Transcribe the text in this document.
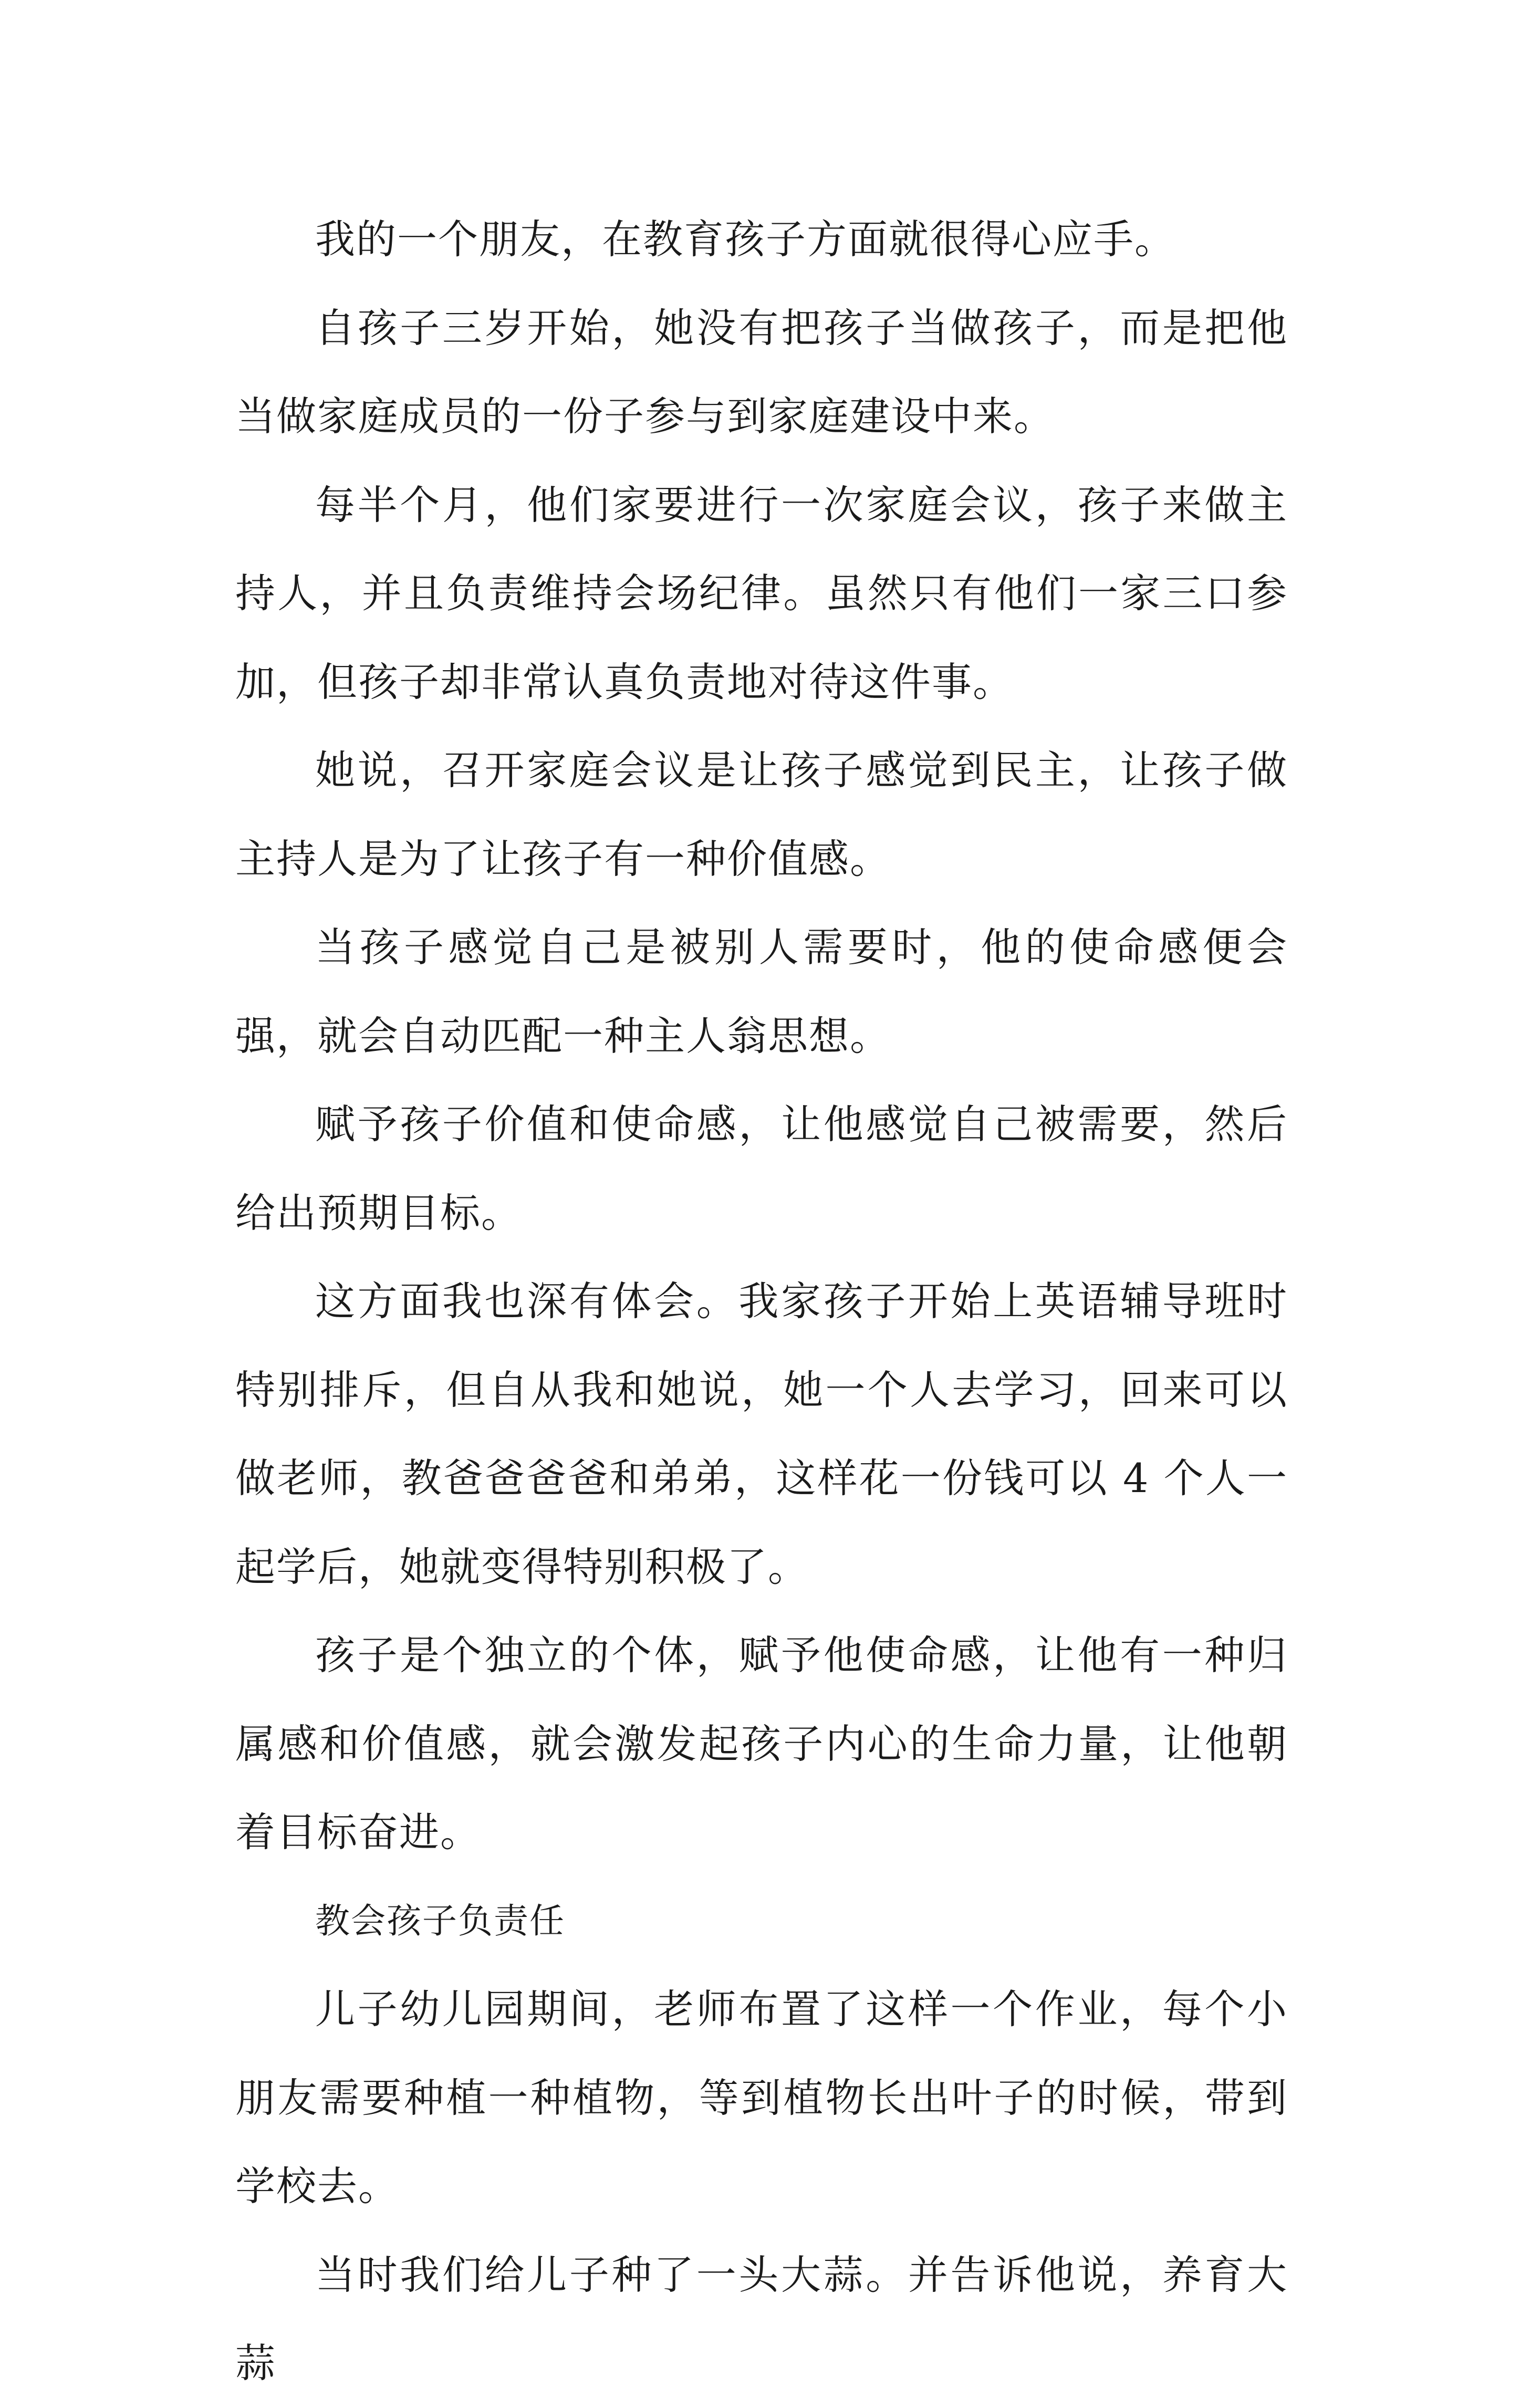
我的一个朋友，在教育孩子方面就很得心应手。

自孩子三岁开始，她没有把孩子当做孩子，而是把他当做家庭成员的一份子参与到家庭建设中来。

每半个月，他们家要进行一次家庭会议，孩子来做主持人，并且负责维持会场纪律。虽然只有他们一家三口参加，但孩子却非常认真负责地对待这件事。

她说，召开家庭会议是让孩子感觉到民主，让孩子做主持人是为了让孩子有一种价值感。

当孩子感觉自己是被别人需要时，他的使命感便会强，就会自动匹配一种主人翁思想。

赋予孩子价值和使命感，让他感觉自己被需要，然后给出预期目标。

这方面我也深有体会。我家孩子开始上英语辅导班时特别排斥，但自从我和她说，她一个人去学习，回来可以做老师，教爸爸爸爸和弟弟，这样花一份钱可以 4 个人一起学后，她就变得特别积极了。

孩子是个独立的个体，赋予他使命感，让他有一种归属感和价值感，就会激发起孩子内心的生命力量，让他朝着目标奋进。

教会孩子负责任

儿子幼儿园期间，老师布置了这样一个作业，每个小朋友需要种植一种植物，等到植物长出叶子的时候，带到学校去。

当时我们给儿子种了一头大蒜。并告诉他说，养育大蒜
